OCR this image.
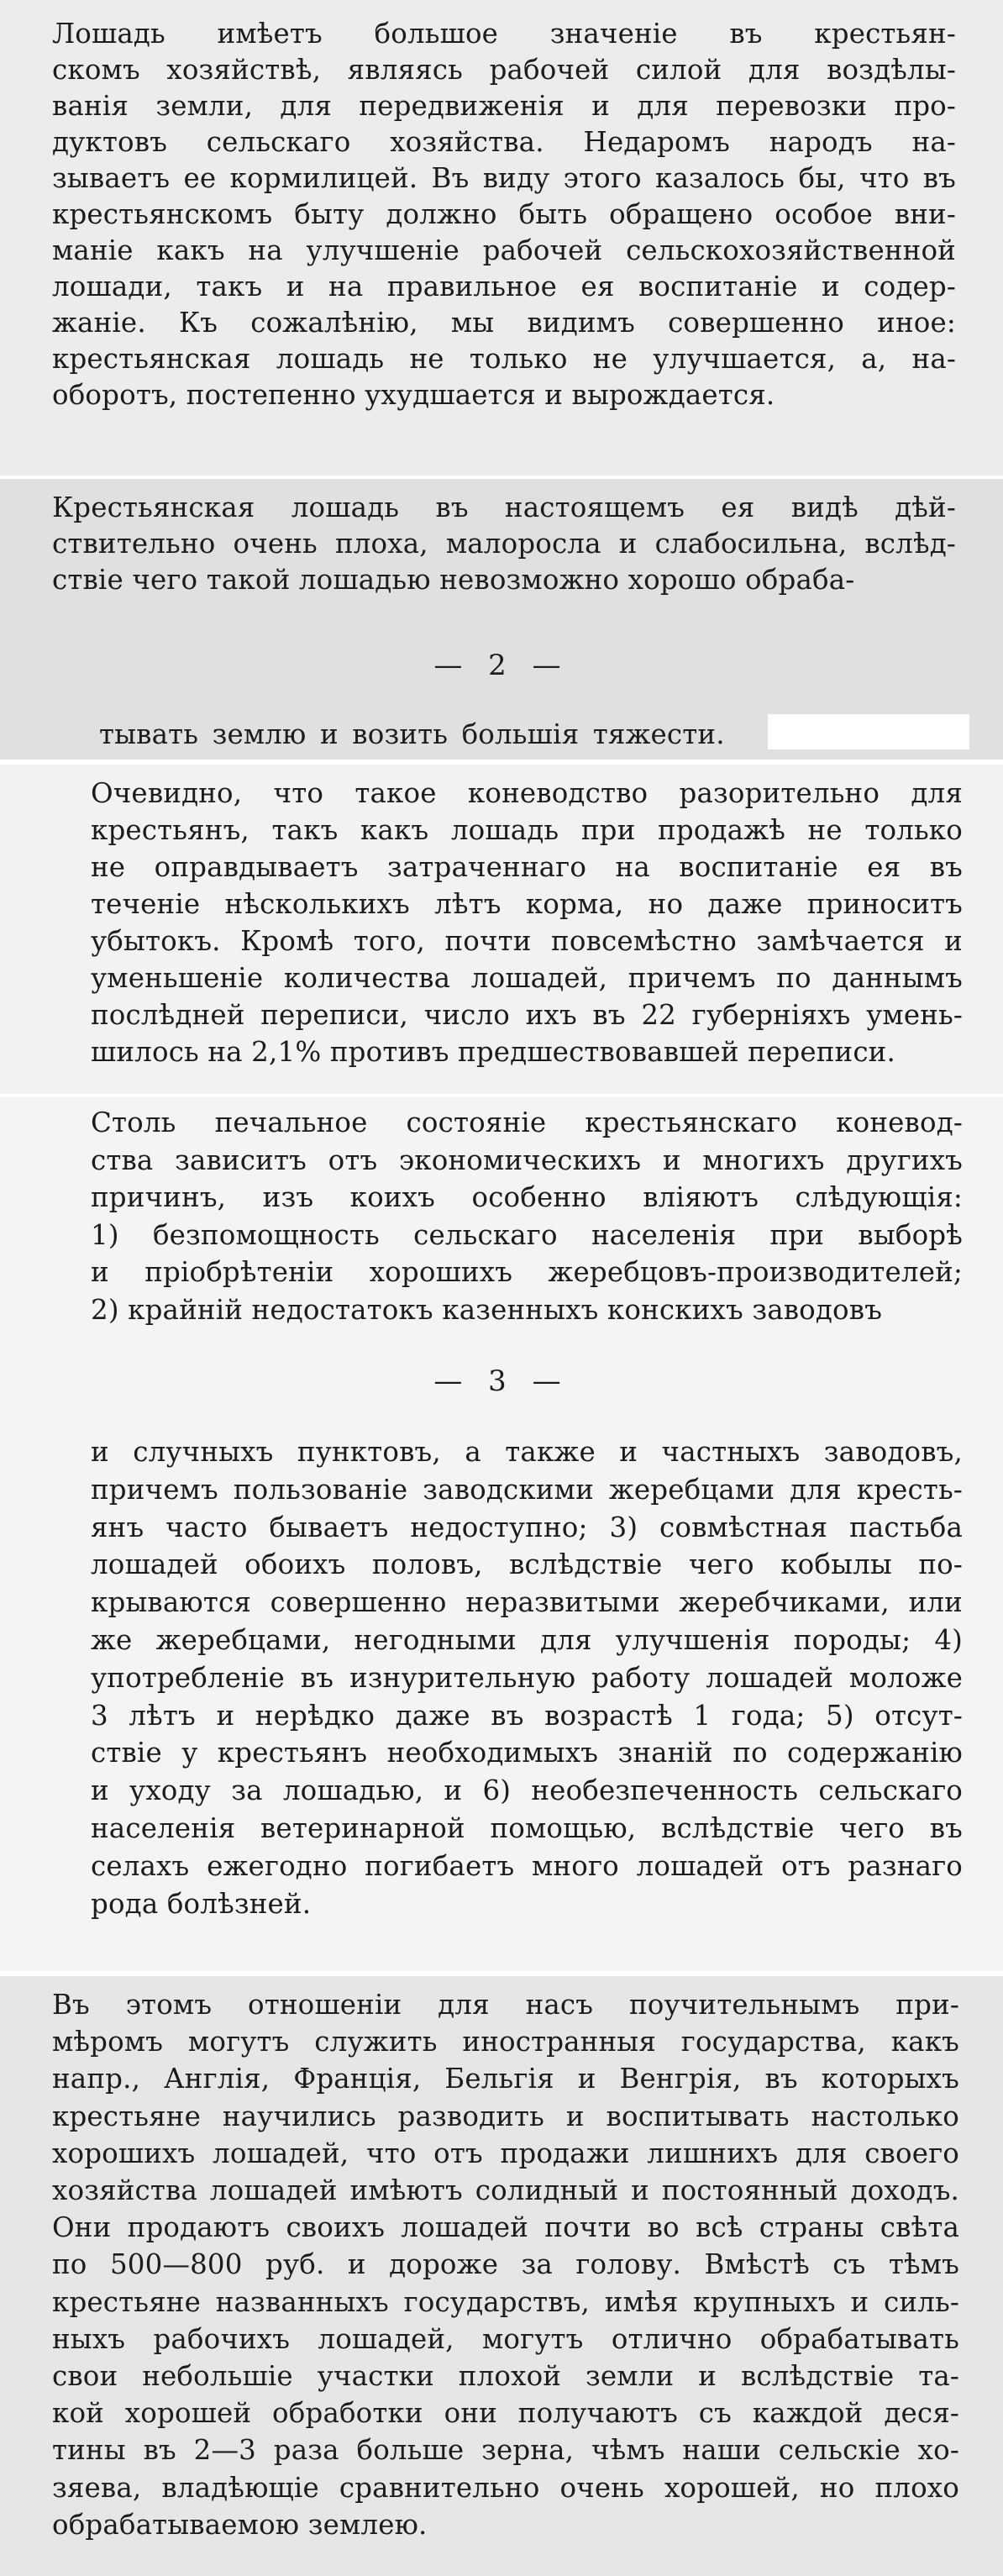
Лошадь имѣетъ большое значеніе въ крестьян-
скомъ хозяйствѣ, являясь рабочей силой для воздѣлы-
ванія земли, для передвиженія и для перевозки про-
дуктовъ сельскаго хозяйства. Недаромъ народъ на-
зываетъ ее кормилицей. Въ виду этого казалось бы, что въ
крестьянскомъ быту должно быть обращено особое вни-
маніе какъ на улучшеніе рабочей сельскохозяйственной
лошади, такъ и на правильное ея воспитаніе и содер-
жаніе. Къ сожалѣнію, мы видимъ совершенно иное:
крестьянская лошадь не только не улучшается, а, на-
оборотъ, постепенно ухудшается и вырождается.
Крестьянская лошадь въ настоящемъ ея видѣ дѣй-
ствительно очень плоха, малоросла и слабосильна, вслѣд-
ствіе чего такой лошадью невозможно хорошо обраба-
— 2 —
тывать землю и возить большія тяжести.
Очевидно, что такое коневодство разорительно для
крестьянъ, такъ какъ лошадь при продажѣ не только
не оправдываетъ затраченнаго на воспитаніе ея въ
теченіе нѣсколькихъ лѣтъ корма, но даже приноситъ
убытокъ. Кромѣ того, почти повсемѣстно замѣчается и
уменьшеніе количества лошадей, причемъ по даннымъ
послѣдней переписи, число ихъ въ 22 губерніяхъ умень-
шилось на 2,1% противъ предшествовавшей переписи.
Столь печальное состояніе крестьянскаго коневод-
ства зависитъ отъ экономическихъ и многихъ другихъ
причинъ, изъ коихъ особенно вліяютъ слѣдующія:
1) безпомощность сельскаго населенія при выборѣ
и пріобрѣтеніи хорошихъ жеребцовъ-производителей;
2) крайній недостатокъ казенныхъ конскихъ заводовъ
и случныхъ пунктовъ, а также и частныхъ заводовъ,
причемъ пользованіе заводскими жеребцами для кресть-
янъ часто бываетъ недоступно; 3) совмѣстная пастьба
лошадей обоихъ половъ, вслѣдствіе чего кобылы по-
крываются совершенно неразвитыми жеребчиками, или
же жеребцами, негодными для улучшенія породы; 4)
употребленіе въ изнурительную работу лошадей моложе
3 лѣтъ и нерѣдко даже въ возрастѣ 1 года; 5) отсут-
ствіе у крестьянъ необходимыхъ знаній по содержанію
и уходу за лошадью, и 6) необезпеченность сельскаго
населенія ветеринарной помощью, вслѣдствіе чего въ
селахъ ежегодно погибаетъ много лошадей отъ разнаго
рода болѣзней.
— 3 —
Въ этомъ отношеніи для насъ поучительнымъ при-
мѣромъ могутъ служить иностранныя государства, какъ
напр., Англія, Франція, Бельгія и Венгрія, въ которыхъ
крестьяне научились разводить и воспитывать настолько
хорошихъ лошадей, что отъ продажи лишнихъ для своего
хозяйства лошадей имѣютъ солидный и постоянный доходъ.
Они продаютъ своихъ лошадей почти во всѣ страны свѣта
по 500—800 руб. и дороже за голову. Вмѣстѣ съ тѣмъ
крестьяне названныхъ государствъ, имѣя крупныхъ и силь-
ныхъ рабочихъ лошадей, могутъ отлично обрабатывать
свои небольшіе участки плохой земли и вслѣдствіе та-
кой хорошей обработки они получаютъ съ каждой деся-
тины въ 2—3 раза больше зерна, чѣмъ наши сельскіе хо-
зяева, владѣющіе сравнительно очень хорошей, но плохо
обрабатываемою землею.
